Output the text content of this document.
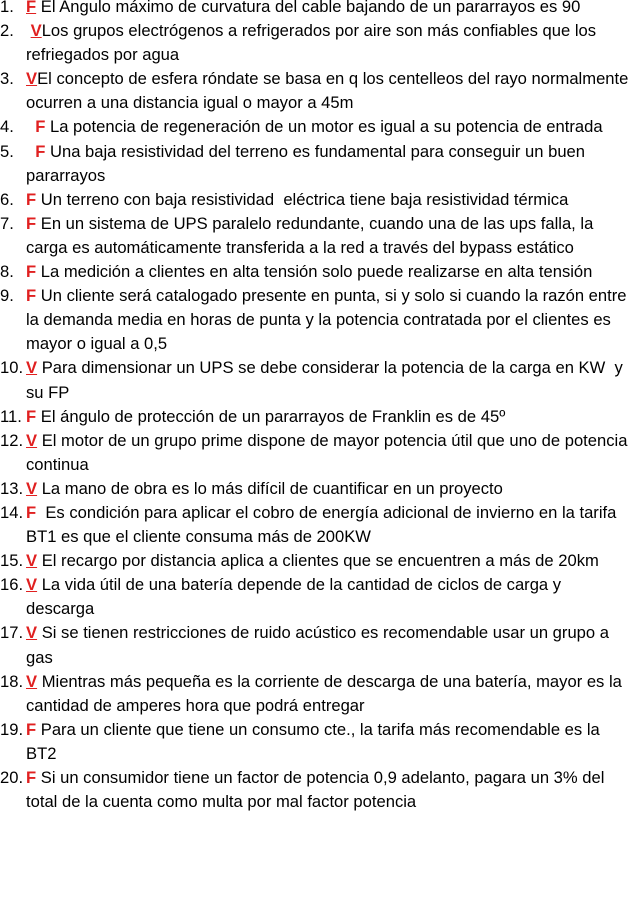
1. F El Angulo máximo de curvatura del cable bajando de un pararrayos es 90
2.	VLos grupos electrógenos a refrigerados por aire son más confiables que los refriegados por agua
3. VEl concepto de esfera róndate se basa en q los centelleos del rayo normalmente ocurren a una distancia igual o mayor a 45m
4.	F La potencia de regeneración de un motor es igual a su potencia de entrada
5.	F Una baja resistividad del terreno es fundamental para conseguir un buen pararrayos
6. F Un terreno con baja resistividad  eléctrica tiene baja resistividad térmica
7. F En un sistema de UPS paralelo redundante, cuando una de las ups falla, la carga es automáticamente transferida a la red a través del bypass estático
8. F La medición a clientes en alta tensión solo puede realizarse en alta tensión
9. F Un cliente será catalogado presente en punta, si y solo si cuando la razón entre la demanda media en horas de punta y la potencia contratada por el clientes es mayor o igual a 0,5
10. V Para dimensionar un UPS se debe considerar la potencia de la carga en KW  y su FP
11. F El ángulo de protección de un pararrayos de Franklin es de 45º
12. V El motor de un grupo prime dispone de mayor potencia útil que uno de potencia continua
13. V La mano de obra es lo más difícil de cuantificar en un proyecto
14. F  Es condición para aplicar el cobro de energía adicional de invierno en la tarifa BT1 es que el cliente consuma más de 200KW
15. V El recargo por distancia aplica a clientes que se encuentren a más de 20km
16. V La vida útil de una batería depende de la cantidad de ciclos de carga y descarga
17. V Si se tienen restricciones de ruido acústico es recomendable usar un grupo a gas
18. V Mientras más pequeña es la corriente de descarga de una batería, mayor es la cantidad de amperes hora que podrá entregar
19. F Para un cliente que tiene un consumo cte., la tarifa más recomendable es la BT2
20. F Si un consumidor tiene un factor de potencia 0,9 adelanto, pagara un 3% del total de la cuenta como multa por mal factor potencia
